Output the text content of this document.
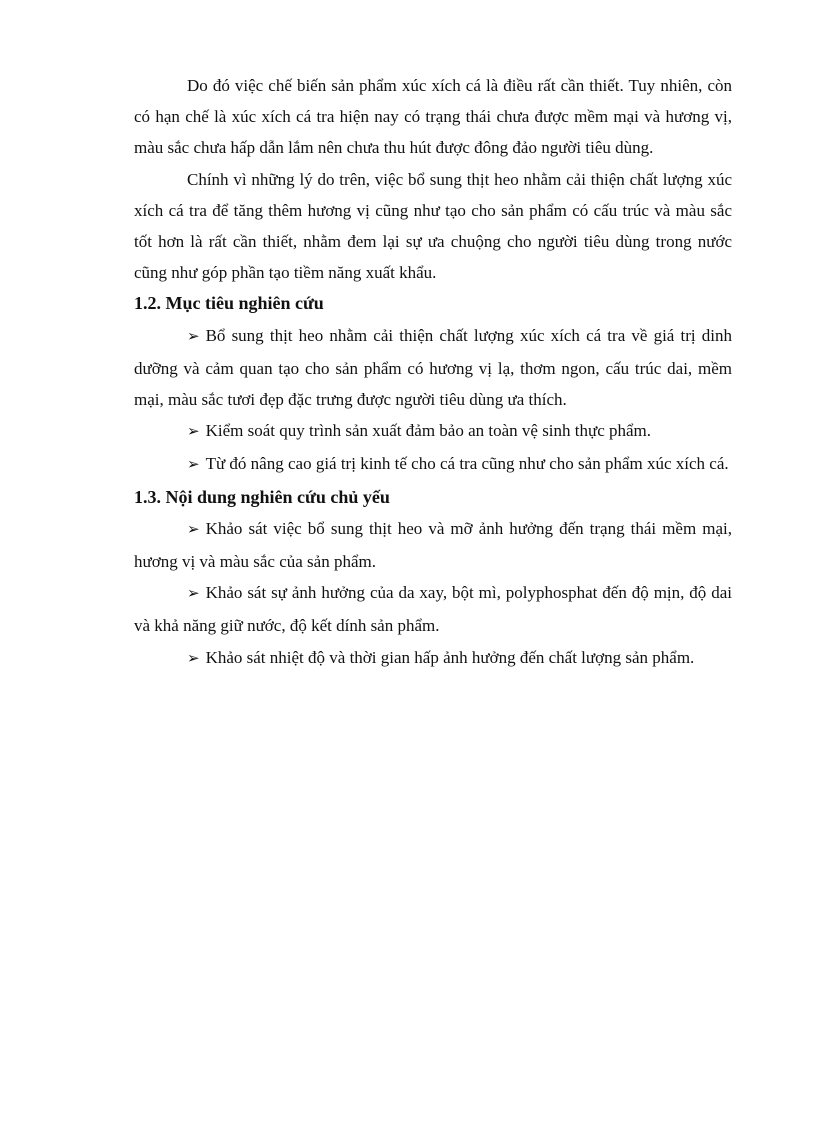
Do đó việc chế biến sản phẩm xúc xích cá là điều rất cần thiết. Tuy nhiên, còn có hạn chế là xúc xích cá tra hiện nay có trạng thái chưa được mềm mại và hương vị, màu sắc chưa hấp dẫn lắm nên chưa thu hút được đông đảo người tiêu dùng.

Chính vì những lý do trên, việc bổ sung thịt heo nhằm cải thiện chất lượng xúc xích cá tra để tăng thêm hương vị cũng như tạo cho sản phẩm có cấu trúc và màu sắc tốt hơn là rất cần thiết, nhằm đem lại sự ưa chuộng cho người tiêu dùng trong nước cũng như góp phần tạo tiềm năng xuất khẩu.

1.2. Mục tiêu nghiên cứu

➢ Bổ sung thịt heo nhằm cải thiện chất lượng xúc xích cá tra về giá trị dinh dưỡng và cảm quan tạo cho sản phẩm có hương vị lạ, thơm ngon, cấu trúc dai, mềm mại, màu sắc tươi đẹp đặc trưng được người tiêu dùng ưa thích.

➢ Kiểm soát quy trình sản xuất đảm bảo an toàn vệ sinh thực phẩm.

➢ Từ đó nâng cao giá trị kinh tế cho cá tra cũng như cho sản phẩm xúc xích cá.

1.3. Nội dung nghiên cứu chủ yếu

➢ Khảo sát việc bổ sung thịt heo và mỡ ảnh hưởng đến trạng thái mềm mại, hương vị và màu sắc của sản phẩm.

➢ Khảo sát sự ảnh hưởng của da xay, bột mì, polyphosphat đến độ mịn, độ dai và khả năng giữ nước, độ kết dính sản phẩm.

➢ Khảo sát nhiệt độ và thời gian hấp ảnh hưởng đến chất lượng sản phẩm.
